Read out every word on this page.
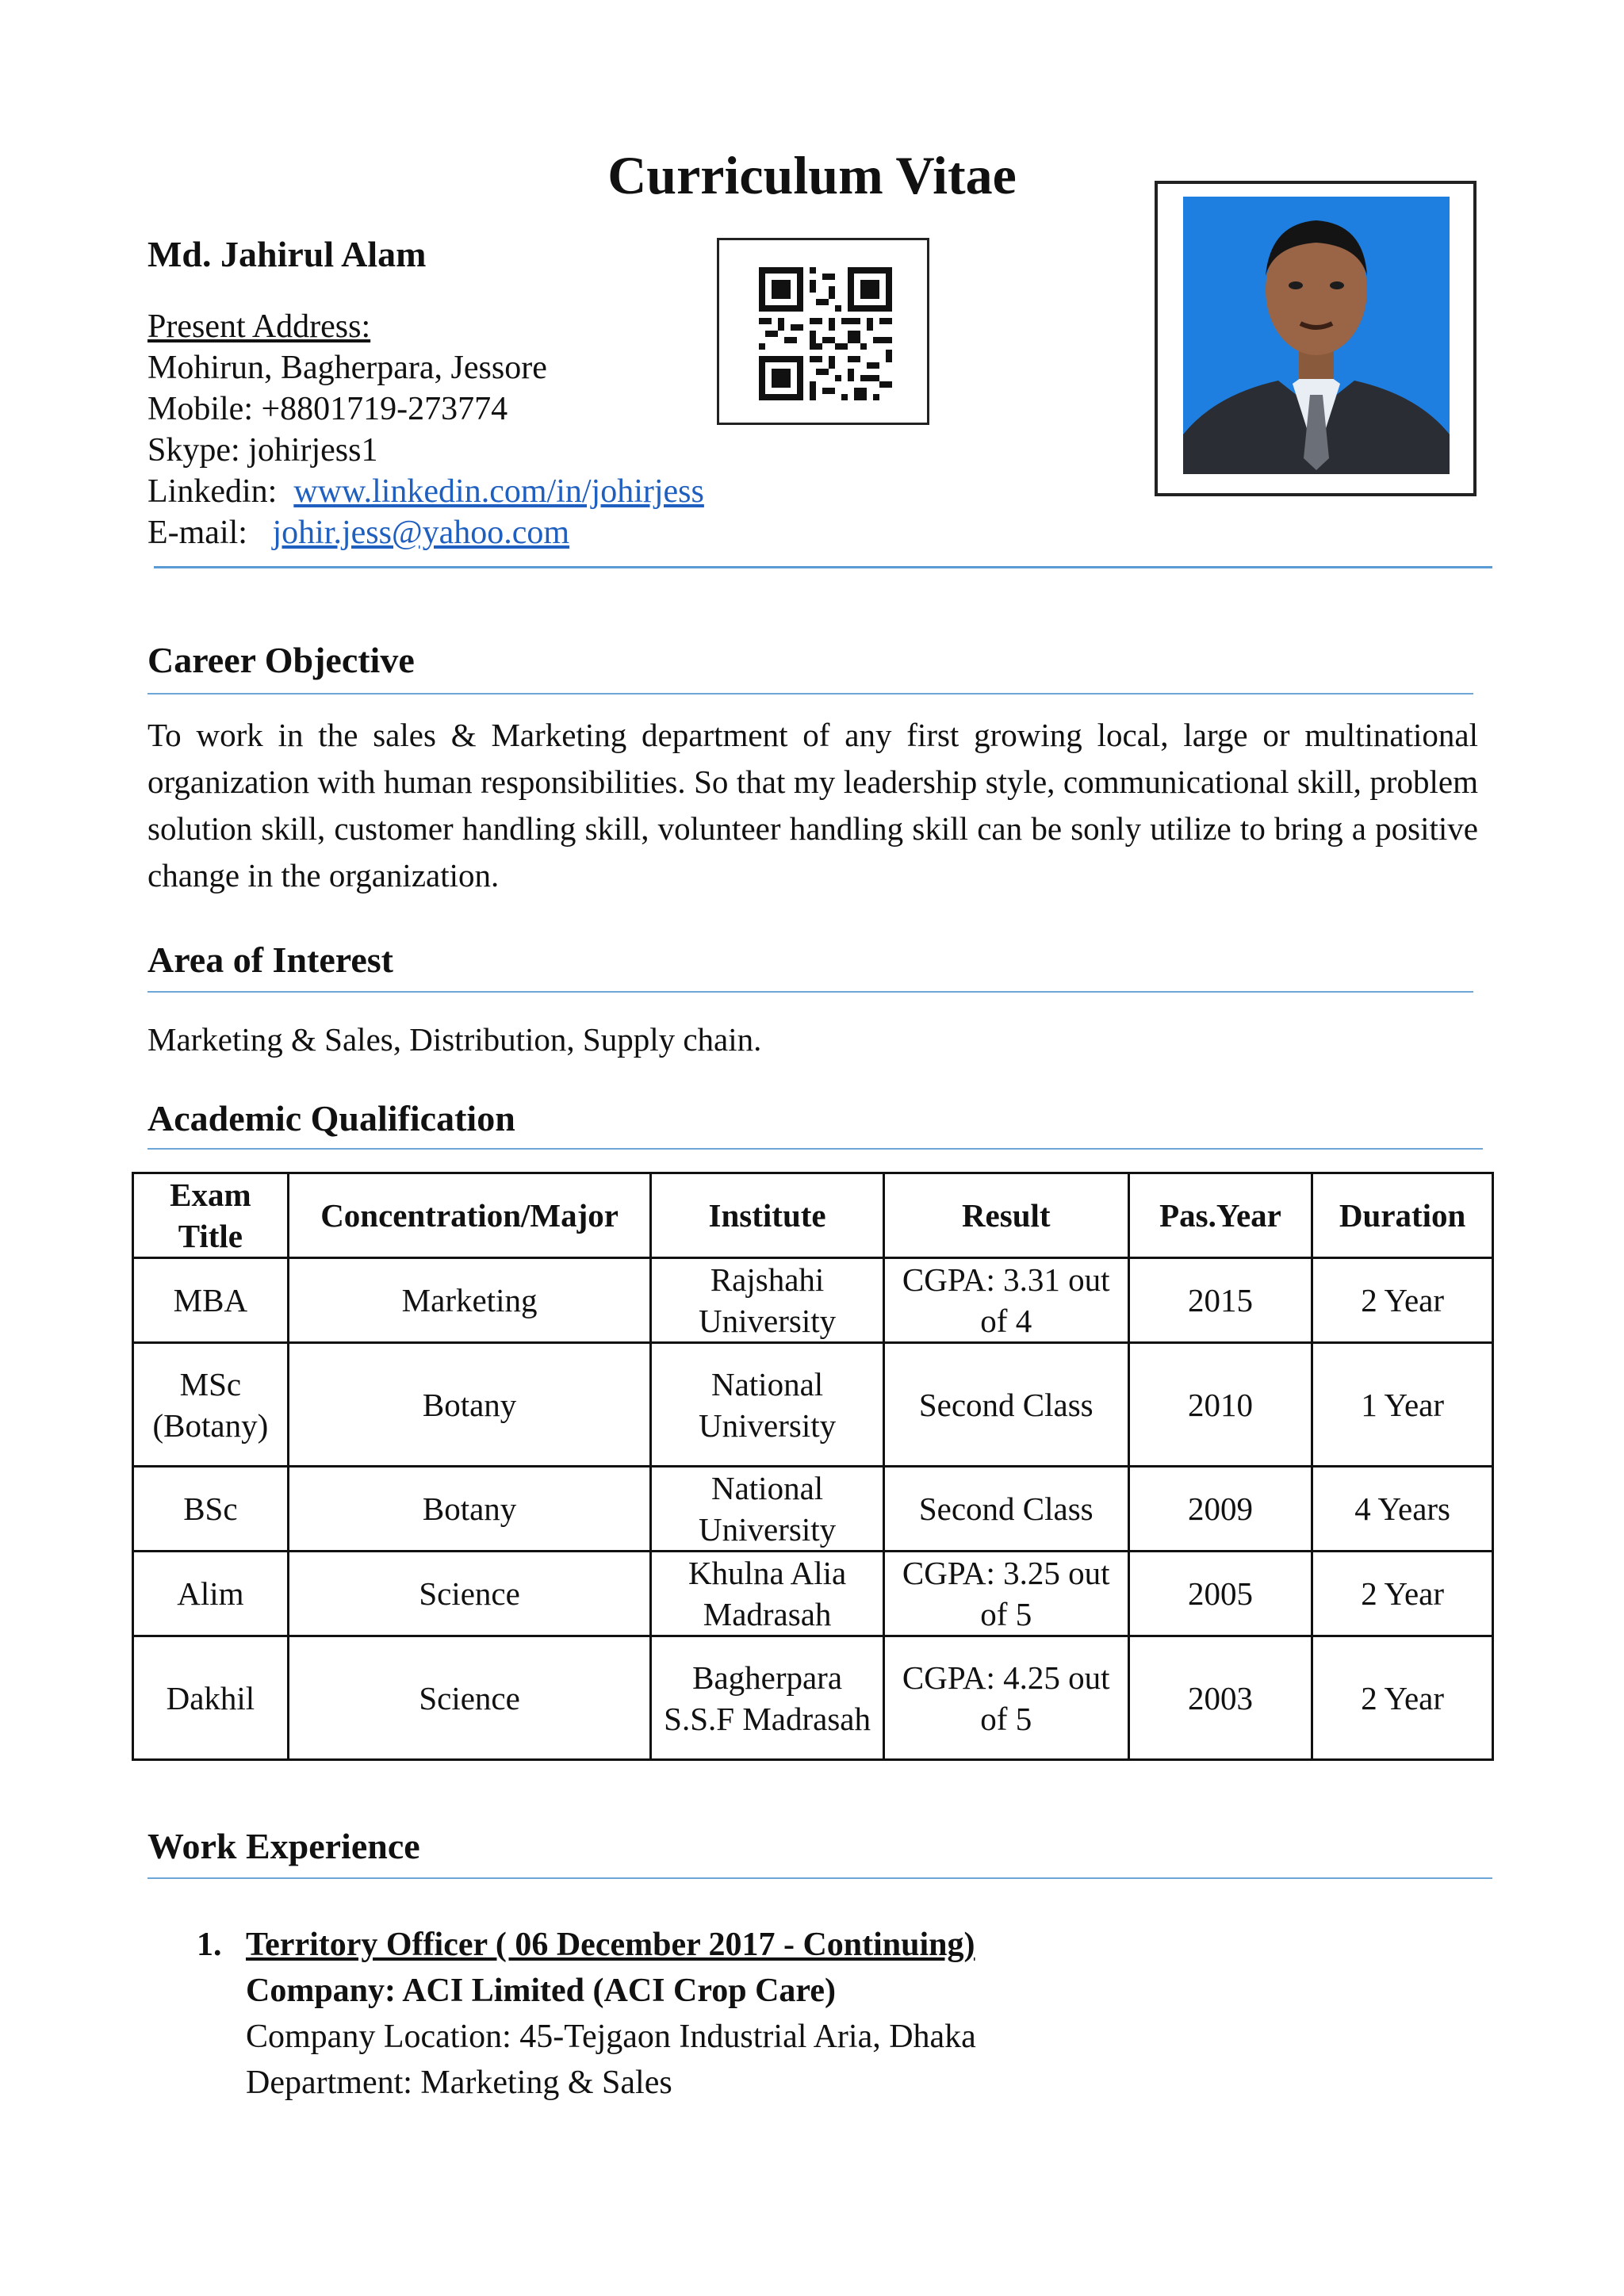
Curriculum Vitae
Md. Jahirul Alam
Present Address:
Mohirun, Bagherpara, Jessore
Mobile: +8801719-273774
Skype: johirjess1
Linkedin: www.linkedin.com/in/johirjess
E-mail: johir.jess@yahoo.com
Career Objective
To work in the sales & Marketing department of any first growing local, large or multinational organization with human responsibilities. So that my leadership style, communicational skill, problem solution skill, customer handling skill, volunteer handling skill can be sonly utilize to bring a positive change in the organization.
Area of Interest
Marketing & Sales, Distribution, Supply chain.
Academic Qualification
Exam Title	Concentration/Major	Institute	Result	Pas.Year	Duration
MBA	Marketing	Rajshahi University	CGPA: 3.31 out of 4	2015	2 Year
MSc (Botany)	Botany	National University	Second Class	2010	1 Year
BSc	Botany	National University	Second Class	2009	4 Years
Alim	Science	Khulna Alia Madrasah	CGPA: 3.25 out of 5	2005	2 Year
Dakhil	Science	Bagherpara S.S.F Madrasah	CGPA: 4.25 out of 5	2003	2 Year
Work Experience
1. Territory Officer ( 06 December 2017 - Continuing)
Company: ACI Limited (ACI Crop Care)
Company Location: 45-Tejgaon Industrial Aria, Dhaka
Department: Marketing & Sales
